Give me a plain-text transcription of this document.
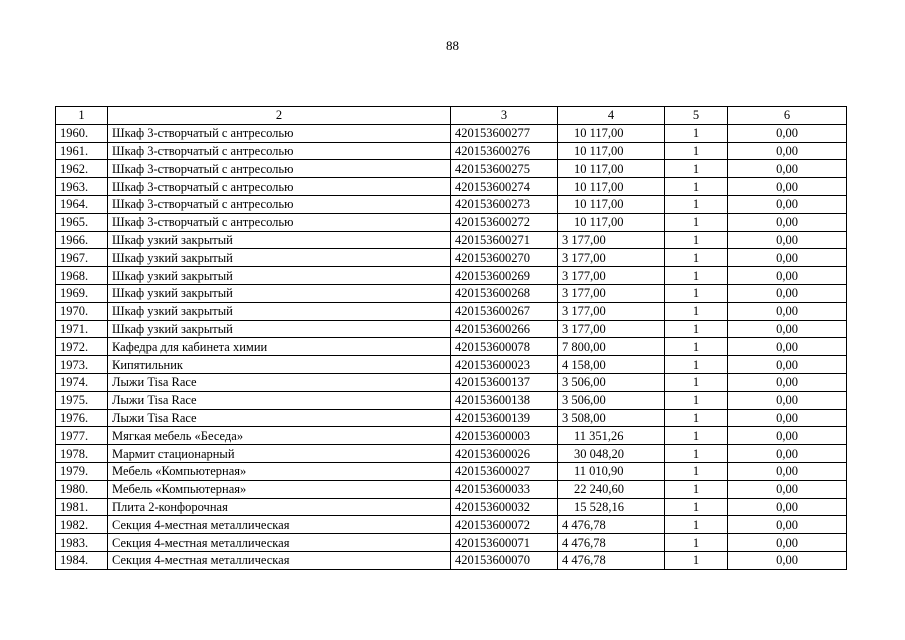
88
1	2	3	4	5	6
1960.	Шкаф 3-створчатый с антресолью	420153600277	10 117,00	1	0,00
1961.	Шкаф 3-створчатый с антресолью	420153600276	10 117,00	1	0,00
1962.	Шкаф 3-створчатый с антресолью	420153600275	10 117,00	1	0,00
1963.	Шкаф 3-створчатый с антресолью	420153600274	10 117,00	1	0,00
1964.	Шкаф 3-створчатый с антресолью	420153600273	10 117,00	1	0,00
1965.	Шкаф 3-створчатый с антресолью	420153600272	10 117,00	1	0,00
1966.	Шкаф узкий закрытый	420153600271	3 177,00	1	0,00
1967.	Шкаф узкий закрытый	420153600270	3 177,00	1	0,00
1968.	Шкаф узкий закрытый	420153600269	3 177,00	1	0,00
1969.	Шкаф узкий закрытый	420153600268	3 177,00	1	0,00
1970.	Шкаф узкий закрытый	420153600267	3 177,00	1	0,00
1971.	Шкаф узкий закрытый	420153600266	3 177,00	1	0,00
1972.	Кафедра для кабинета химии	420153600078	7 800,00	1	0,00
1973.	Кипятильник	420153600023	4 158,00	1	0,00
1974.	Лыжи Tisa Race	420153600137	3 506,00	1	0,00
1975.	Лыжи Tisa Race	420153600138	3 506,00	1	0,00
1976.	Лыжи Tisa Race	420153600139	3 508,00	1	0,00
1977.	Мягкая мебель «Беседа»	420153600003	11 351,26	1	0,00
1978.	Мармит стационарный	420153600026	30 048,20	1	0,00
1979.	Мебель «Компьютерная»	420153600027	11 010,90	1	0,00
1980.	Мебель «Компьютерная»	420153600033	22 240,60	1	0,00
1981.	Плита 2-конфорочная	420153600032	15 528,16	1	0,00
1982.	Секция 4-местная металлическая	420153600072	4 476,78	1	0,00
1983.	Секция 4-местная металлическая	420153600071	4 476,78	1	0,00
1984.	Секция 4-местная металлическая	420153600070	4 476,78	1	0,00
